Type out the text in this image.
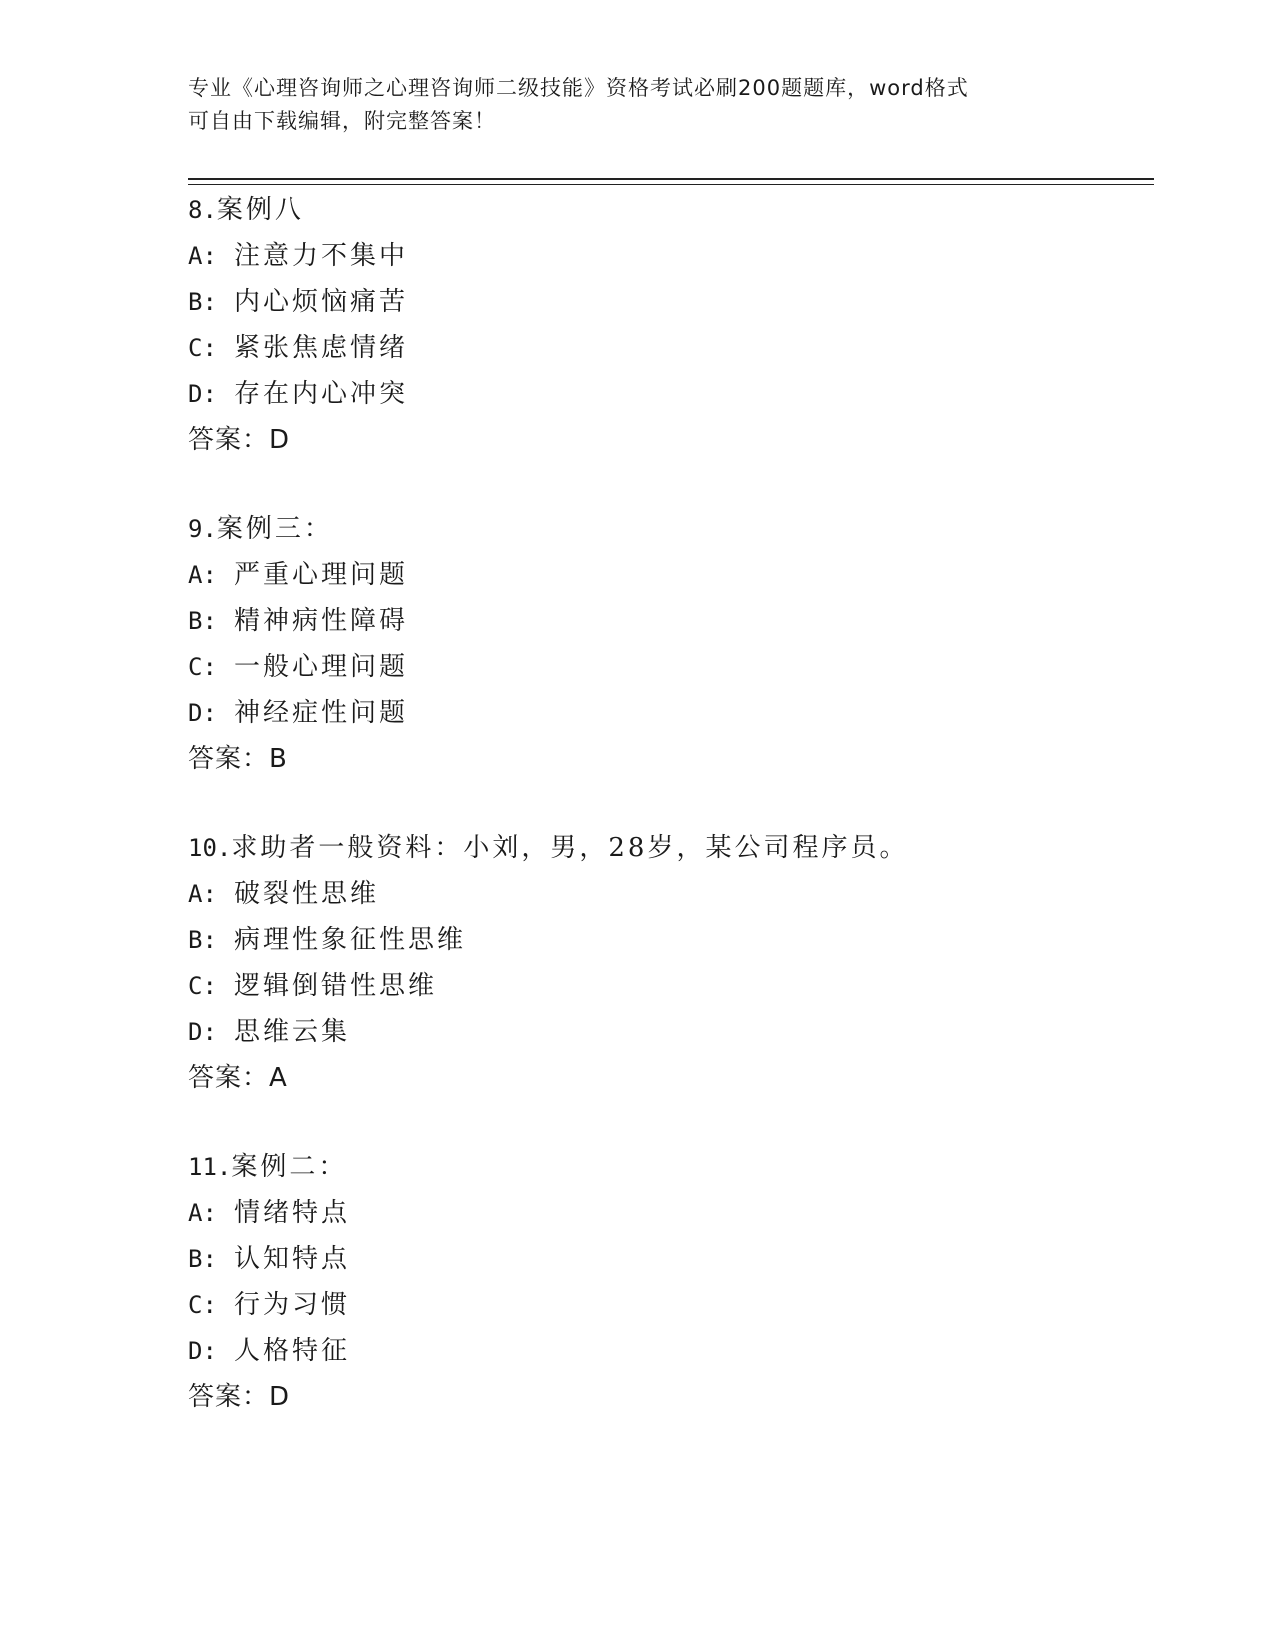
专业《心理咨询师之心理咨询师二级技能》资格考试必刷200题题库，word格式
可自由下载编辑，附完整答案！
8.案例八
A: 注意力不集中
B: 内心烦恼痛苦
C: 紧张焦虑情绪
D: 存在内心冲突
答案：D
9.案例三：
A: 严重心理问题
B: 精神病性障碍
C: 一般心理问题
D: 神经症性问题
答案：B
10.求助者一般资料：小刘，男，28岁，某公司程序员。
A: 破裂性思维
B: 病理性象征性思维
C: 逻辑倒错性思维
D: 思维云集
答案：A
11.案例二：
A: 情绪特点
B: 认知特点
C: 行为习惯
D: 人格特征
答案：D
